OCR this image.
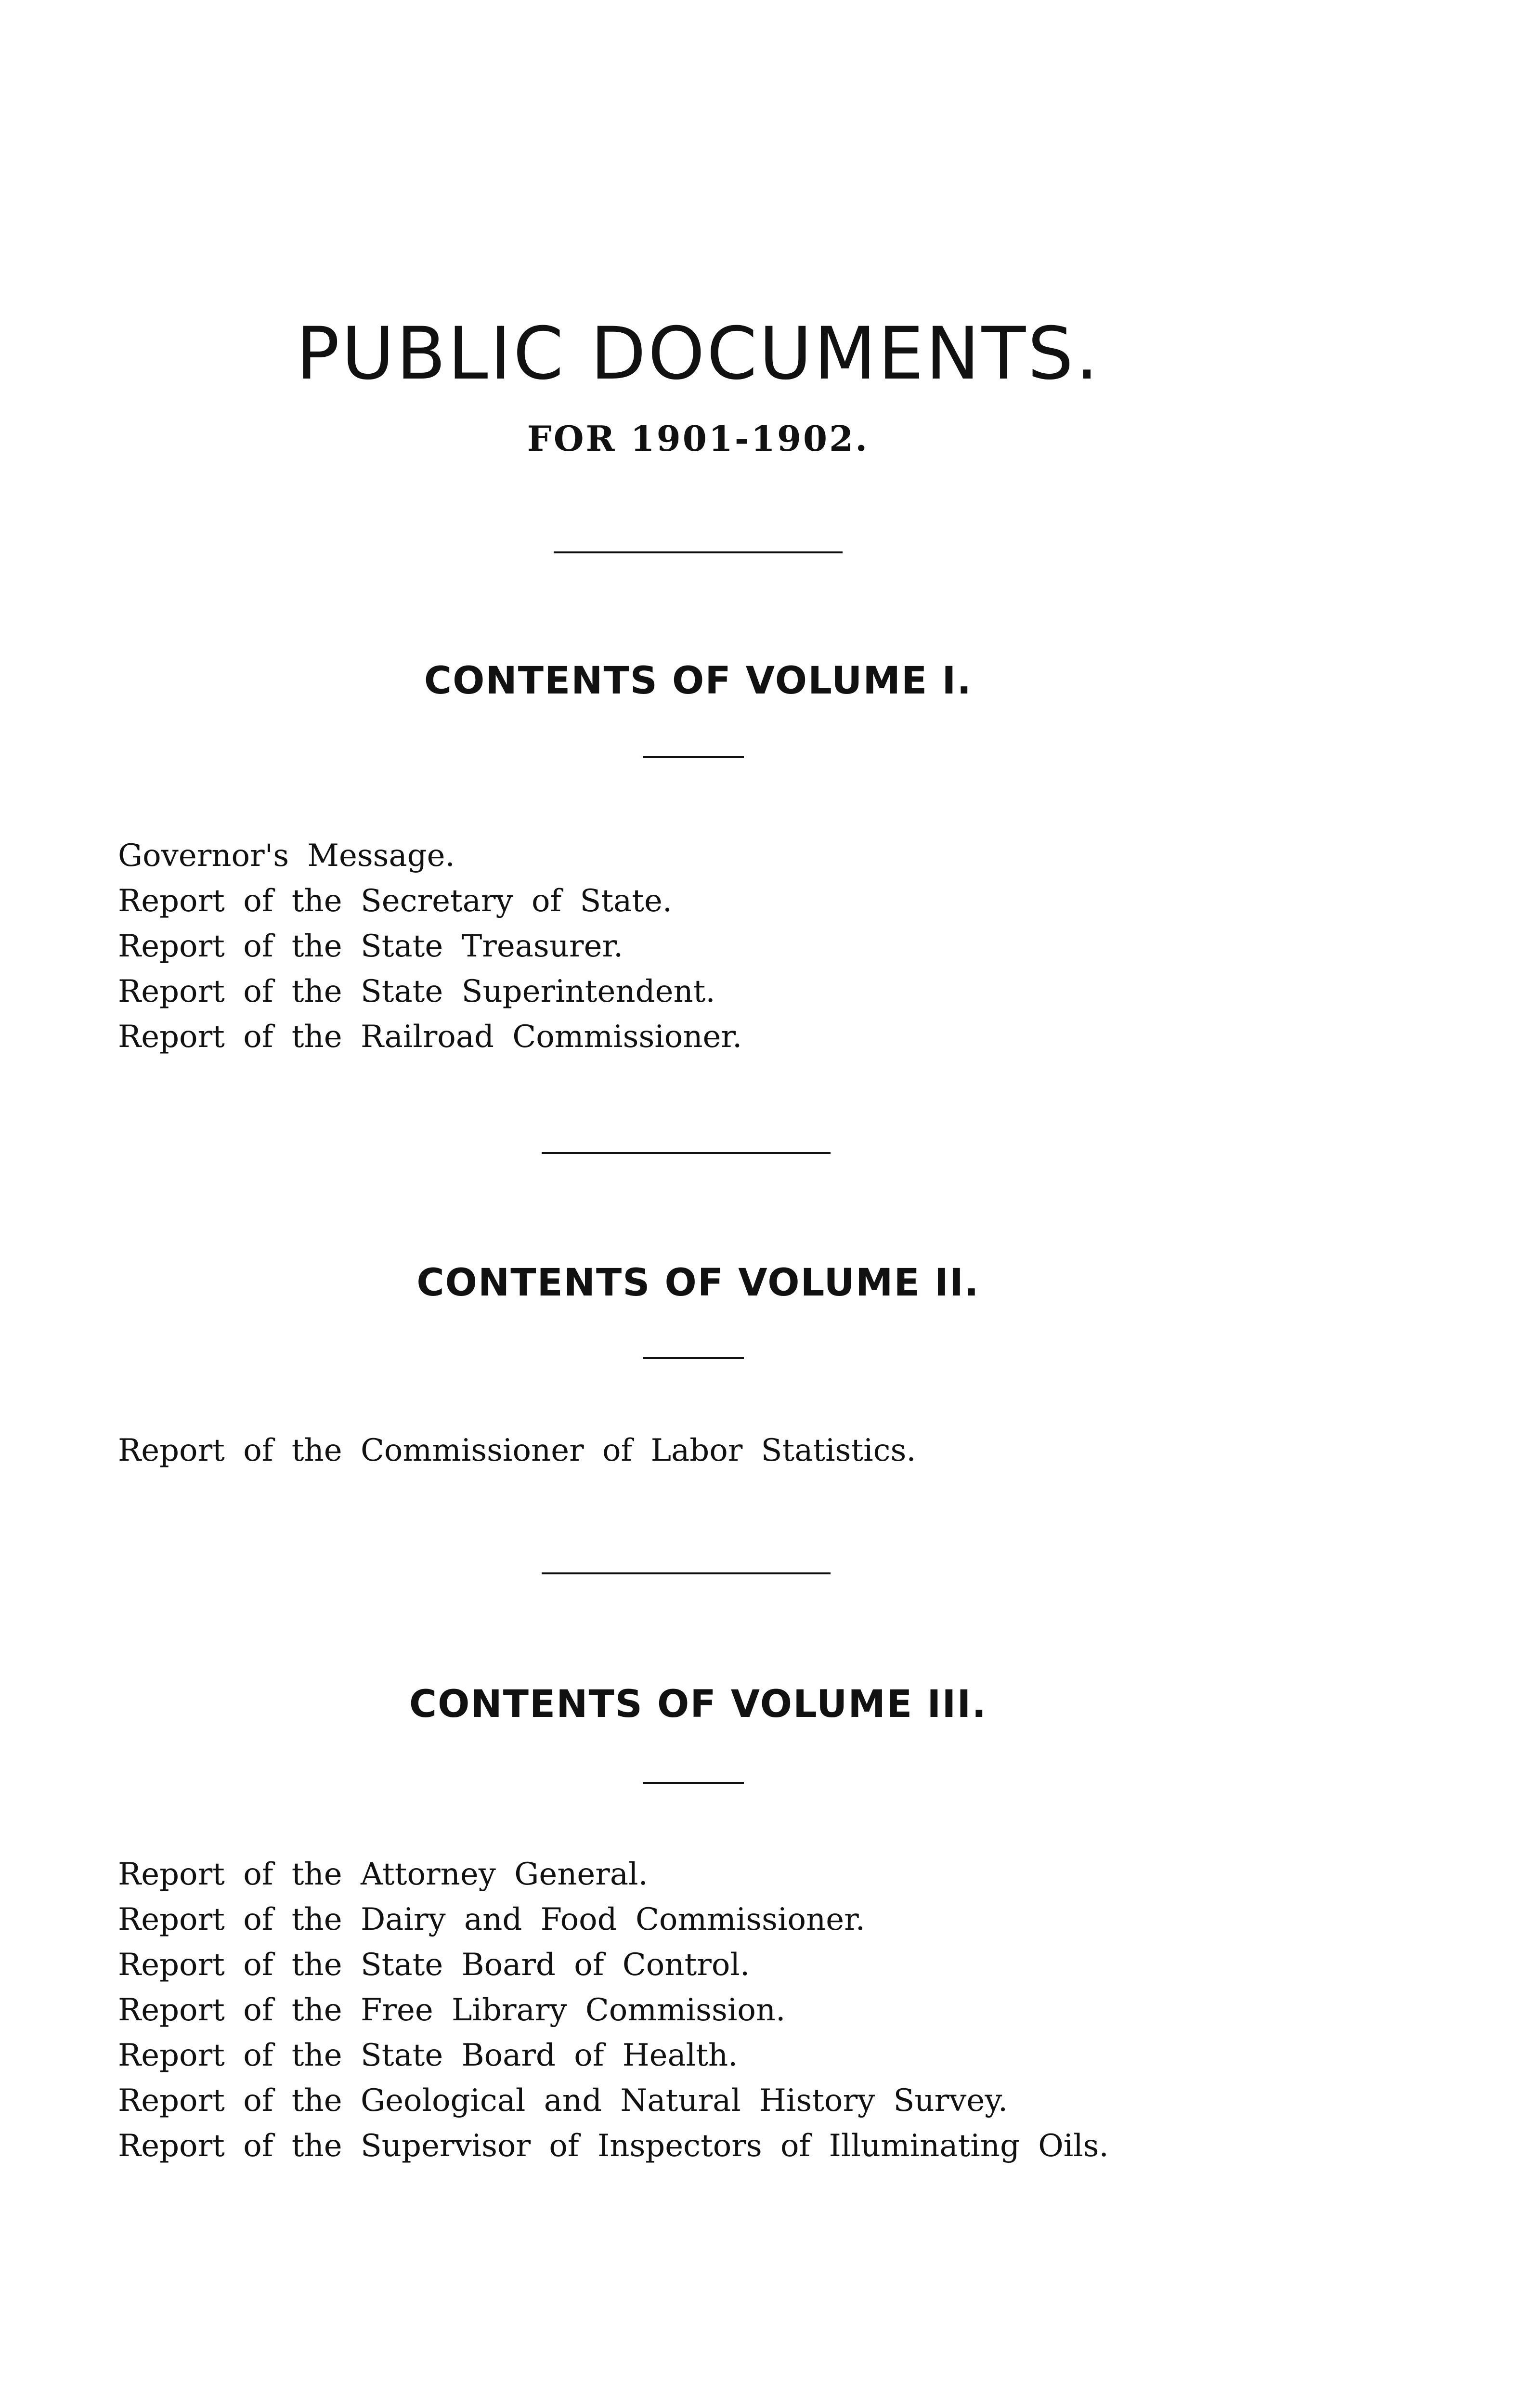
PUBLIC DOCUMENTS.
FOR 1901-1902.
CONTENTS OF VOLUME I.
Governor's Message.
Report of the Secretary of State.
Report of the State Treasurer.
Report of the State Superintendent.
Report of the Railroad Commissioner.
CONTENTS OF VOLUME II.
Report of the Commissioner of Labor Statistics.
CONTENTS OF VOLUME III.
Report of the Attorney General.
Report of the Dairy and Food Commissioner.
Report of the State Board of Control.
Report of the Free Library Commission.
Report of the State Board of Health.
Report of the Geological and Natural History Survey.
Report of the Supervisor of Inspectors of Illuminating Oils.
